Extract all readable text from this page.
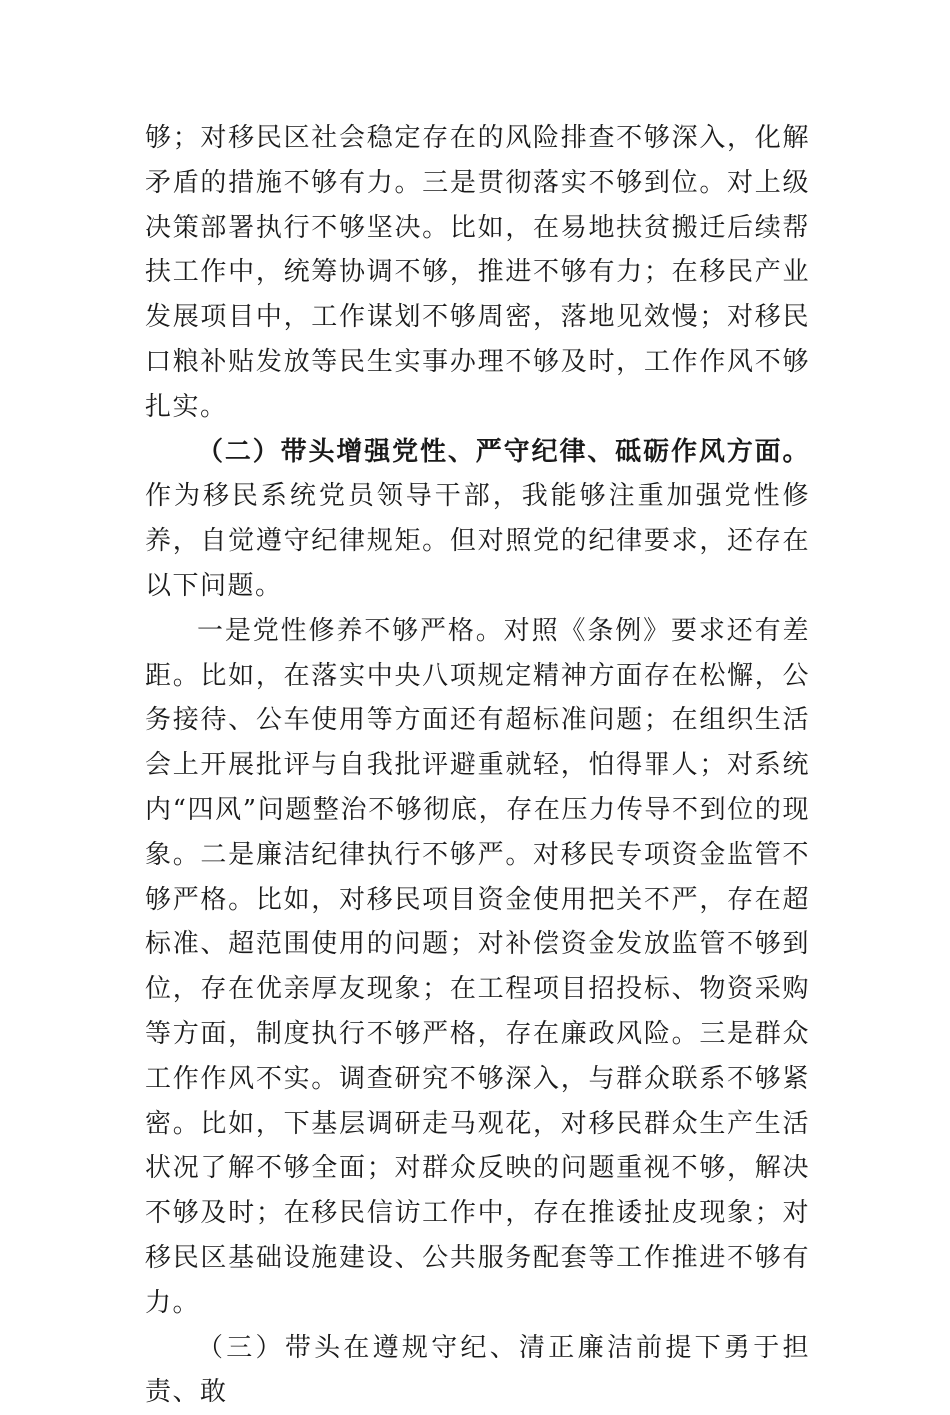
够；对移民区社会稳定存在的风险排查不够深入，化解矛盾的措施不够有力。三是贯彻落实不够到位。对上级决策部署执行不够坚决。比如，在易地扶贫搬迁后续帮扶工作中，统筹协调不够，推进不够有力；在移民产业发展项目中，工作谋划不够周密，落地见效慢；对移民口粮补贴发放等民生实事办理不够及时，工作作风不够扎实。

（二）带头增强党性、严守纪律、砥砺作风方面。作为移民系统党员领导干部，我能够注重加强党性修养，自觉遵守纪律规矩。但对照党的纪律要求，还存在以下问题。

一是党性修养不够严格。对照《条例》要求还有差距。比如，在落实中央八项规定精神方面存在松懈，公务接待、公车使用等方面还有超标准问题；在组织生活会上开展批评与自我批评避重就轻，怕得罪人；对系统内“四风”问题整治不够彻底，存在压力传导不到位的现象。二是廉洁纪律执行不够严。对移民专项资金监管不够严格。比如，对移民项目资金使用把关不严，存在超标准、超范围使用的问题；对补偿资金发放监管不够到位，存在优亲厚友现象；在工程项目招投标、物资采购等方面，制度执行不够严格，存在廉政风险。三是群众工作作风不实。调查研究不够深入，与群众联系不够紧密。比如，下基层调研走马观花，对移民群众生产生活状况了解不够全面；对群众反映的问题重视不够，解决不够及时；在移民信访工作中，存在推诿扯皮现象；对移民区基础设施建设、公共服务配套等工作推进不够有力。

（三）带头在遵规守纪、清正廉洁前提下勇于担责、敢
